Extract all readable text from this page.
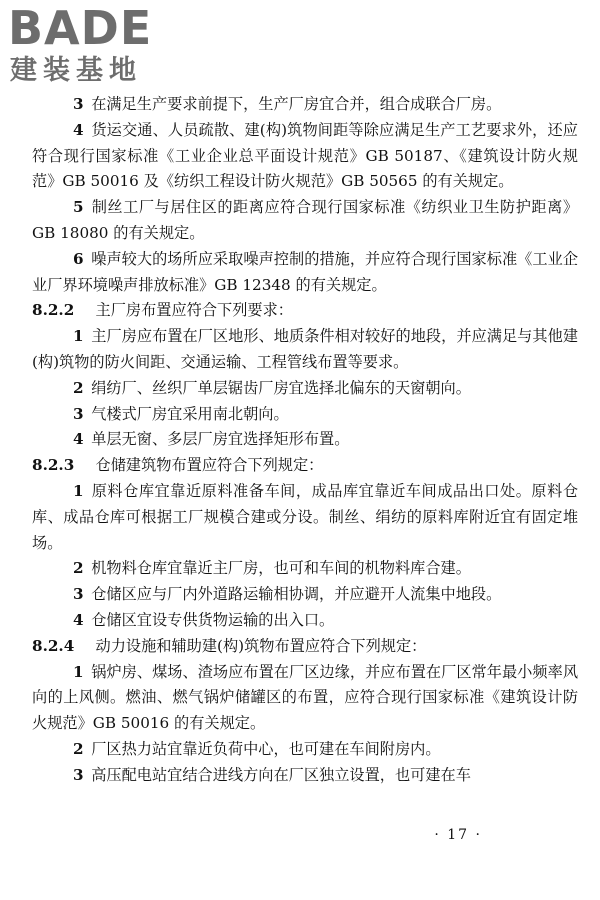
BADE
建装基地

3 在满足生产要求前提下，生产厂房宜合并，组合成联合厂房。

4 货运交通、人员疏散、建(构)筑物间距等除应满足生产工艺要求外，还应符合现行国家标准《工业企业总平面设计规范》GB 50187、《建筑设计防火规范》GB 50016 及《纺织工程设计防火规范》GB 50565 的有关规定。

5 制丝工厂与居住区的距离应符合现行国家标准《纺织业卫生防护距离》GB 18080 的有关规定。

6 噪声较大的场所应采取噪声控制的措施，并应符合现行国家标准《工业企业厂界环境噪声排放标准》GB 12348 的有关规定。

8.2.2 主厂房布置应符合下列要求：

1 主厂房应布置在厂区地形、地质条件相对较好的地段，并应满足与其他建(构)筑物的防火间距、交通运输、工程管线布置等要求。

2 绢纺厂、丝织厂单层锯齿厂房宜选择北偏东的天窗朝向。

3 气楼式厂房宜采用南北朝向。

4 单层无窗、多层厂房宜选择矩形布置。

8.2.3 仓储建筑物布置应符合下列规定：

1 原料仓库宜靠近原料准备车间，成品库宜靠近车间成品出口处。原料仓库、成品仓库可根据工厂规模合建或分设。制丝、绢纺的原料库附近宜有固定堆场。

2 机物料仓库宜靠近主厂房，也可和车间的机物料库合建。

3 仓储区应与厂内外道路运输相协调，并应避开人流集中地段。

4 仓储区宜设专供货物运输的出入口。

8.2.4 动力设施和辅助建(构)筑物布置应符合下列规定：

1 锅炉房、煤场、渣场应布置在厂区边缘，并应布置在厂区常年最小频率风向的上风侧。燃油、燃气锅炉储罐区的布置，应符合现行国家标准《建筑设计防火规范》GB 50016 的有关规定。

2 厂区热力站宜靠近负荷中心，也可建在车间附房内。

3 高压配电站宜结合进线方向在厂区独立设置，也可建在车

· 17 ·
